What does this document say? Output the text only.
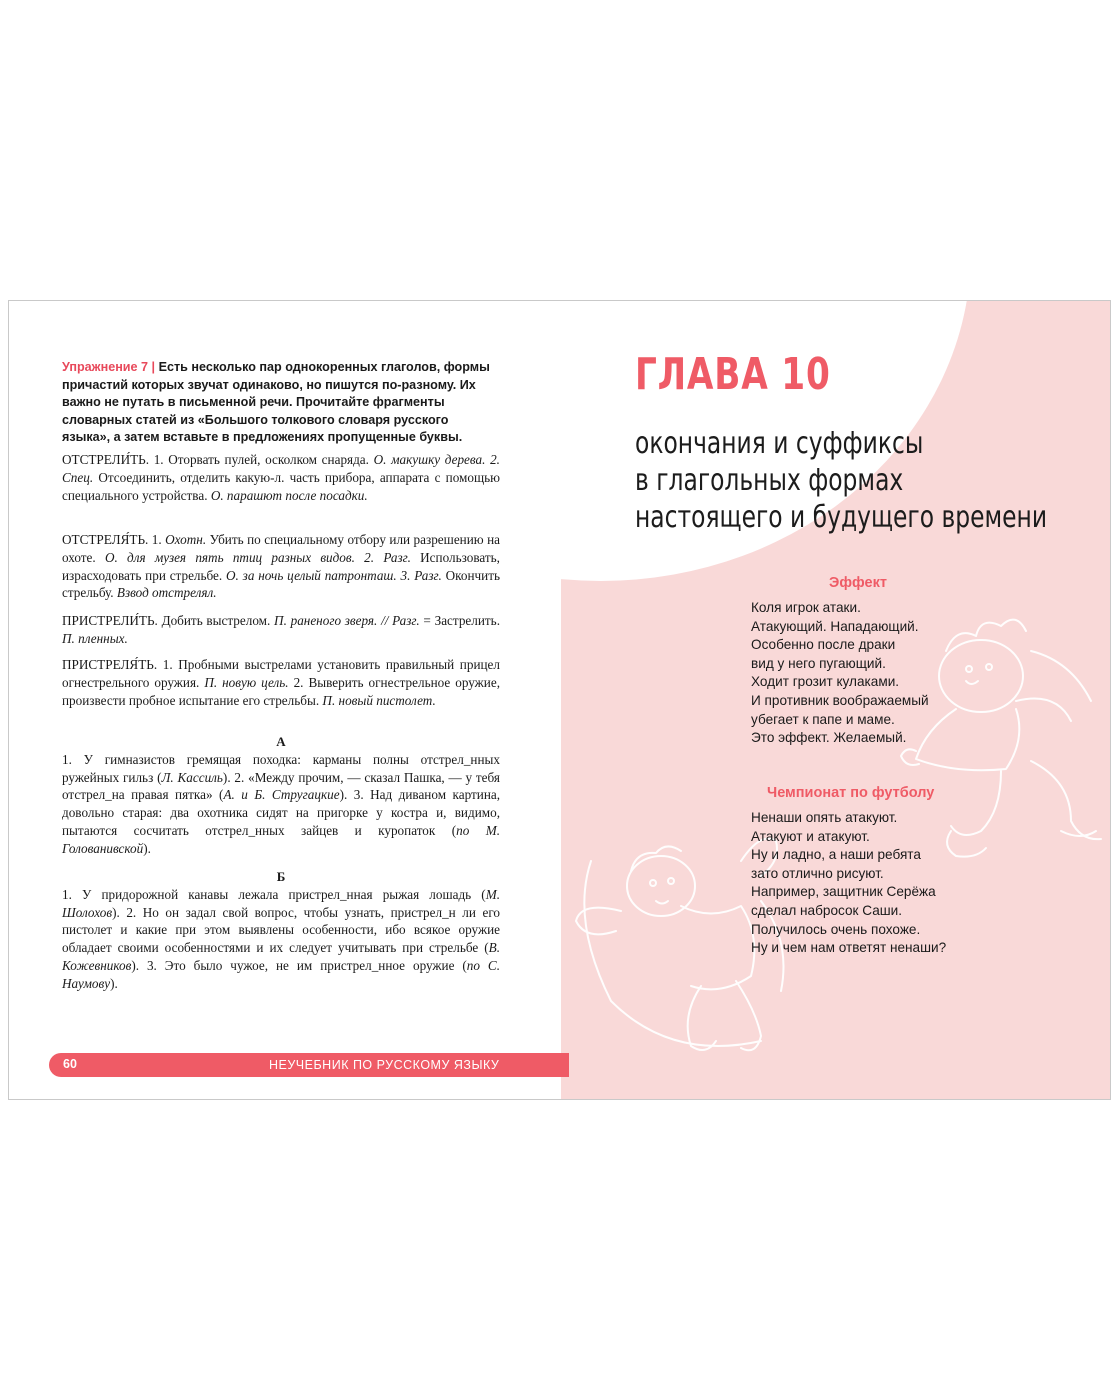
Упражнение 7 | Есть несколько пар однокоренных глаголов, формы причастий которых звучат одинаково, но пишутся по-разному. Их важно не путать в письменной речи. Прочитайте фрагменты словарных статей из «Большого толкового словаря русского языка», а затем вставьте в предложениях пропущенные буквы.

ОТСТРЕЛИ́ТЬ. 1. Оторвать пулей, осколком снаряда. О. макушку дерева. 2. Спец. Отсоединить, отделить какую-л. часть прибора, аппарата с помощью специального устройства. О. парашют после посадки.

ОТСТРЕЛЯ́ТЬ. 1. Охотн. Убить по специальному отбору или разрешению на охоте. О. для музея пять птиц разных видов. 2. Разг. Использовать, израсходовать при стрельбе. О. за ночь целый патронташ. 3. Разг. Окончить стрельбу. Взвод отстрелял.

ПРИСТРЕЛИ́ТЬ. Добить выстрелом. П. раненого зверя. // Разг. = Застрелить. П. пленных.

ПРИСТРЕЛЯ́ТЬ. 1. Пробными выстрелами установить правильный прицел огнестрельного оружия. П. новую цель. 2. Выверить огнестрельное оружие, произвести пробное испытание его стрельбы. П. новый пистолет.

А

1. У гимназистов гремящая походка: карманы полны отстрел_нных ружейных гильз (Л. Кассиль). 2. «Между прочим, — сказал Пашка, — у тебя отстрел_на правая пятка» (А. и Б. Стругацкие). 3. Над диваном картина, довольно старая: два охотника сидят на пригорке у костра и, видимо, пытаются сосчитать отстрел_нных зайцев и куропаток (по М. Голованивской).

Б

1. У придорожной канавы лежала пристрел_нная рыжая лошадь (М. Шолохов). 2. Но он задал свой вопрос, чтобы узнать, пристрел_н ли его пистолет и какие при этом выявлены особенности, ибо всякое оружие обладает своими особенностями и их следует учитывать при стрельбе (В. Кожевников). 3. Это было чужое, не им пристрел_нное оружие (по С. Наумову).

ГЛАВА 10
окончания и суффиксы
в глагольных формах
настоящего и будущего времени
Эффект
Коля игрок атаки.
Атакующий. Нападающий.
Особенно после драки
вид у него пугающий.
Ходит грозит кулаками.
И противник воображаемый
убегает к папе и маме.
Это эффект. Желаемый.
Чемпионат по футболу
Ненаши опять атакуют.
Атакуют и атакуют.
Ну и ладно, а наши ребята
зато отлично рисуют.
Например, защитник Серёжа
сделал набросок Саши.
Получилось очень похоже.
Ну и чем нам ответят ненаши?
60	НЕУЧЕБНИК ПО РУССКОМУ ЯЗЫКУ
